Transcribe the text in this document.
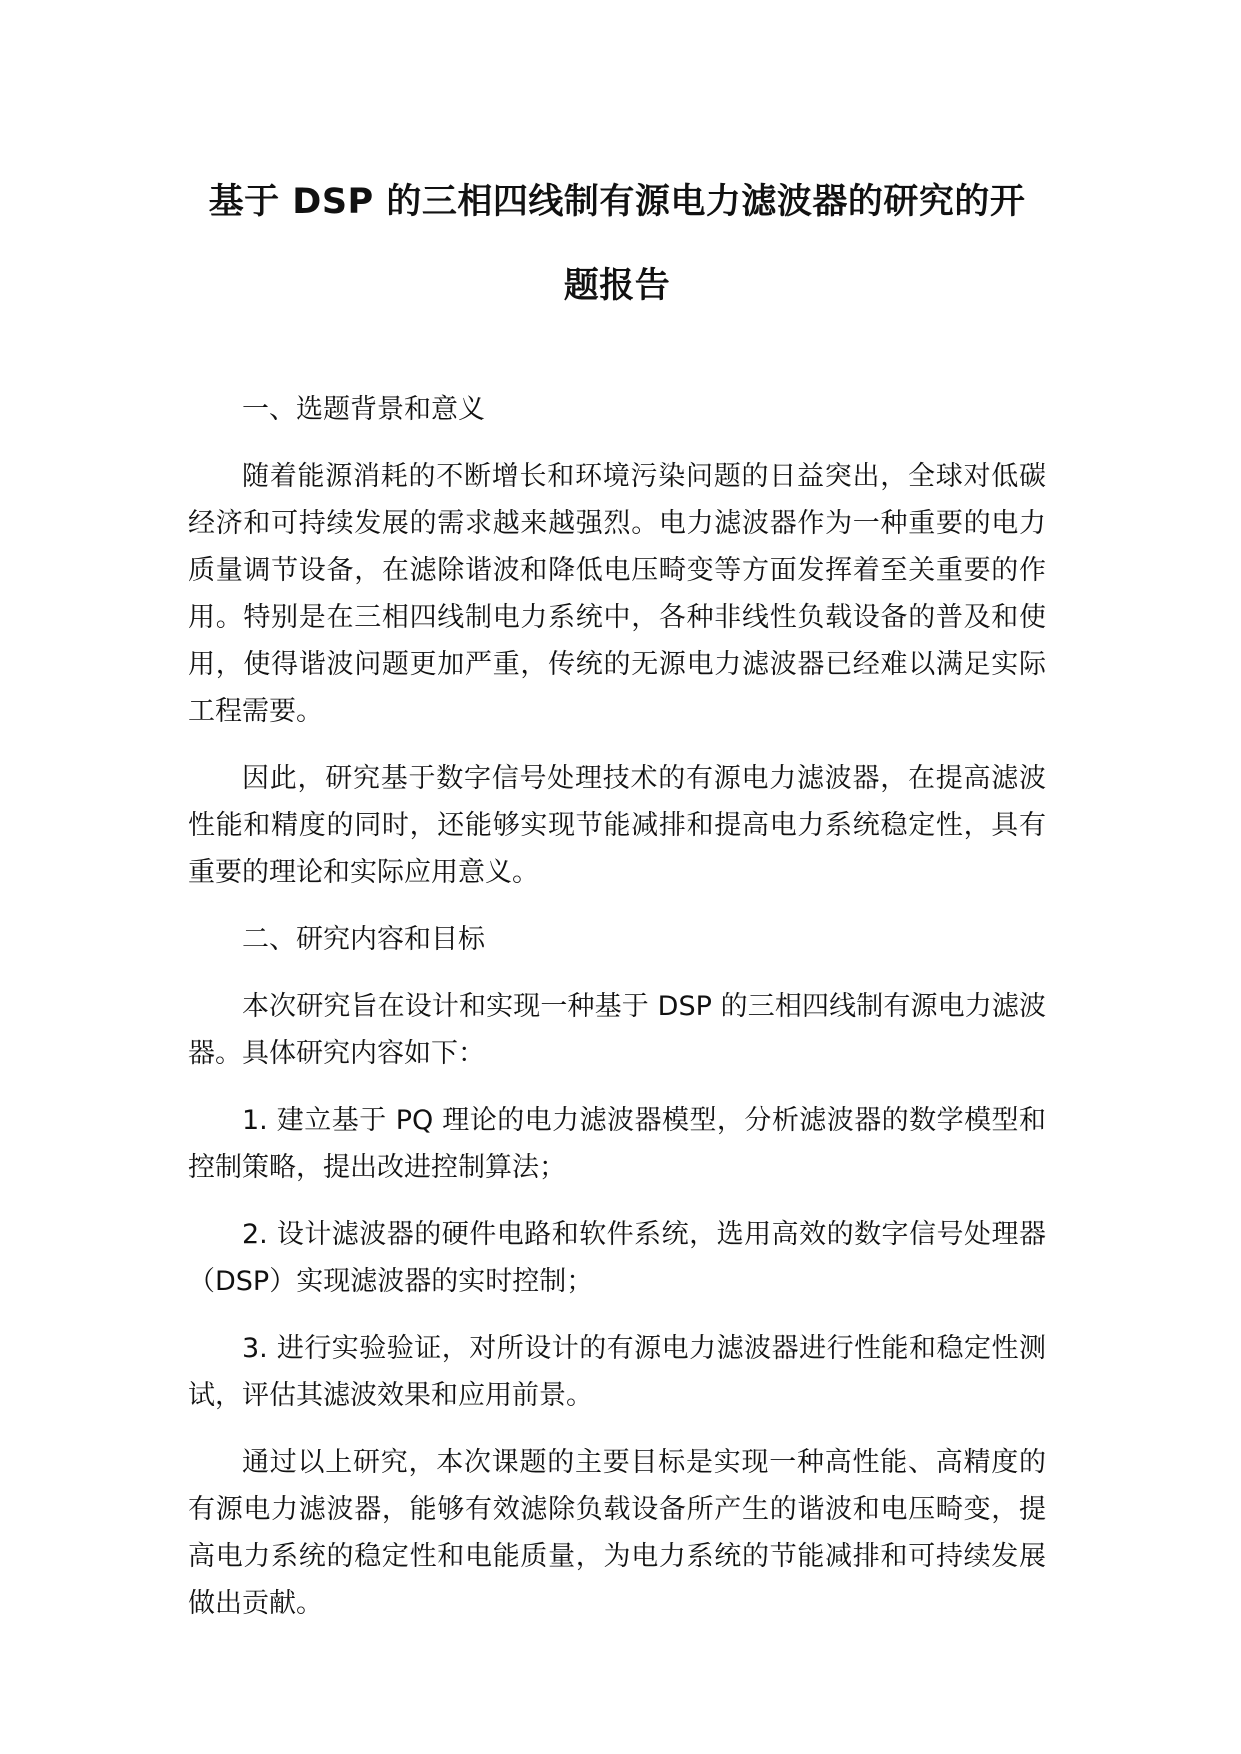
基于 DSP 的三相四线制有源电力滤波器的研究的开
题报告

一、选题背景和意义

随着能源消耗的不断增长和环境污染问题的日益突出，全球对低碳经济和可持续发展的需求越来越强烈。电力滤波器作为一种重要的电力质量调节设备，在滤除谐波和降低电压畸变等方面发挥着至关重要的作用。特别是在三相四线制电力系统中，各种非线性负载设备的普及和使用，使得谐波问题更加严重，传统的无源电力滤波器已经难以满足实际工程需要。

因此，研究基于数字信号处理技术的有源电力滤波器，在提高滤波性能和精度的同时，还能够实现节能减排和提高电力系统稳定性，具有重要的理论和实际应用意义。

二、研究内容和目标

本次研究旨在设计和实现一种基于 DSP 的三相四线制有源电力滤波器。具体研究内容如下：

1. 建立基于 PQ 理论的电力滤波器模型，分析滤波器的数学模型和控制策略，提出改进控制算法；

2. 设计滤波器的硬件电路和软件系统，选用高效的数字信号处理器（DSP）实现滤波器的实时控制；

3. 进行实验验证，对所设计的有源电力滤波器进行性能和稳定性测试，评估其滤波效果和应用前景。

通过以上研究，本次课题的主要目标是实现一种高性能、高精度的有源电力滤波器，能够有效滤除负载设备所产生的谐波和电压畸变，提高电力系统的稳定性和电能质量，为电力系统的节能减排和可持续发展做出贡献。
